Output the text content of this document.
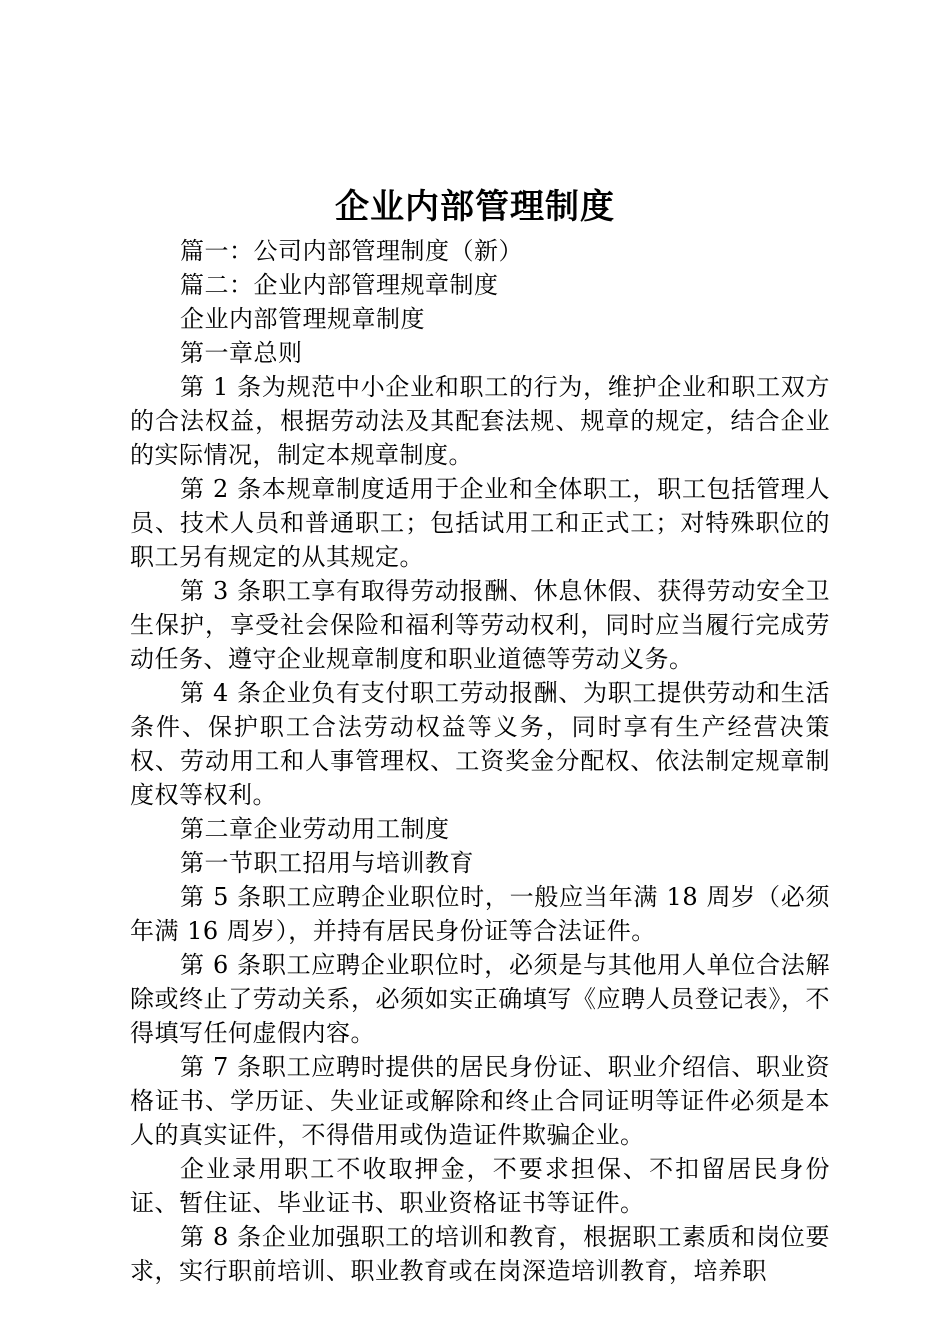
企业内部管理制度

篇一：公司内部管理制度（新）

篇二：企业内部管理规章制度

企业内部管理规章制度

第一章总则

第 1 条为规范中小企业和职工的行为，维护企业和职工双方的合法权益，根据劳动法及其配套法规、规章的规定，结合企业的实际情况，制定本规章制度。

第 2 条本规章制度适用于企业和全体职工，职工包括管理人员、技术人员和普通职工；包括试用工和正式工；对特殊职位的职工另有规定的从其规定。

第 3 条职工享有取得劳动报酬、休息休假、获得劳动安全卫生保护，享受社会保险和福利等劳动权利，同时应当履行完成劳动任务、遵守企业规章制度和职业道德等劳动义务。

第 4 条企业负有支付职工劳动报酬、为职工提供劳动和生活条件、保护职工合法劳动权益等义务，同时享有生产经营决策权、劳动用工和人事管理权、工资奖金分配权、依法制定规章制度权等权利。

第二章企业劳动用工制度

第一节职工招用与培训教育

第 5 条职工应聘企业职位时，一般应当年满 18 周岁（必须年满 16 周岁），并持有居民身份证等合法证件。

第 6 条职工应聘企业职位时，必须是与其他用人单位合法解除或终止了劳动关系，必须如实正确填写《应聘人员登记表》，不得填写任何虚假内容。

第 7 条职工应聘时提供的居民身份证、职业介绍信、职业资格证书、学历证、失业证或解除和终止合同证明等证件必须是本人的真实证件，不得借用或伪造证件欺骗企业。

企业录用职工不收取押金，不要求担保、不扣留居民身份证、暂住证、毕业证书、职业资格证书等证件。

第 8 条企业加强职工的培训和教育，根据职工素质和岗位要求，实行职前培训、职业教育或在岗深造培训教育，培养职
